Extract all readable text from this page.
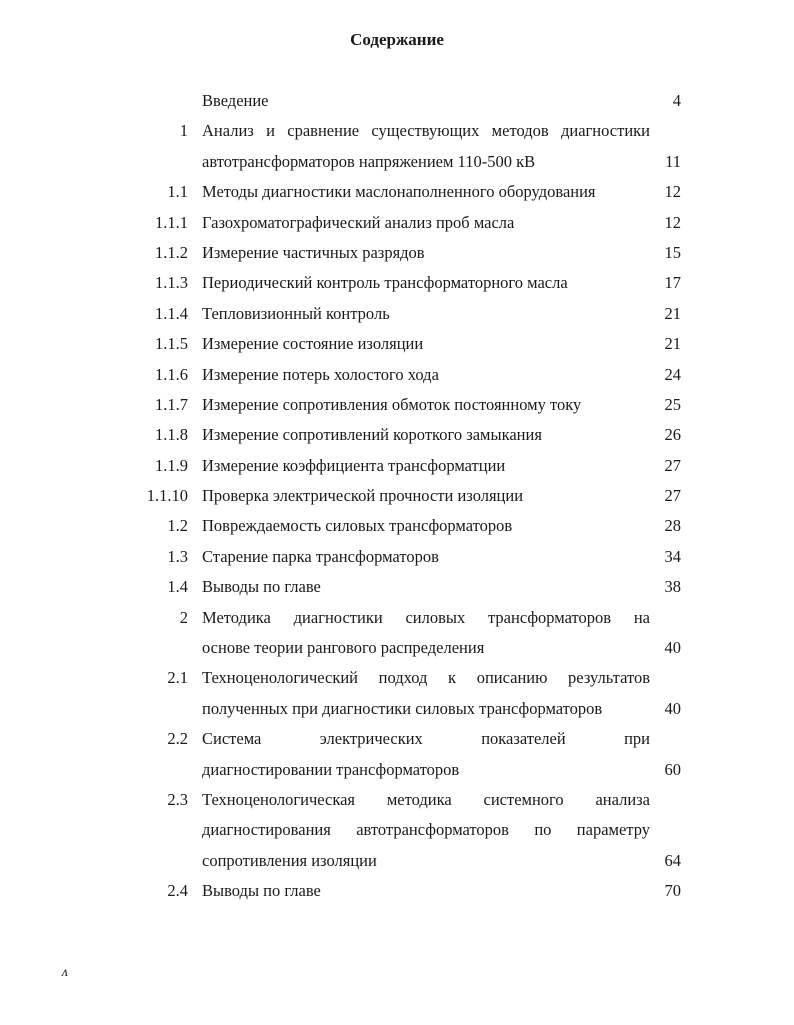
Содержание
Введение	4
1 Анализ и сравнение существующих методов диагностики
автотрансформаторов напряжением 110-500 кВ	11
1.1 Методы диагностики маслонаполненного оборудования	12
1.1.1 Газохроматографический анализ проб масла	12
1.1.2 Измерение частичных разрядов	15
1.1.3 Периодический контроль трансформаторного масла	17
1.1.4 Тепловизионный контроль	21
1.1.5 Измерение состояние изоляции	21
1.1.6 Измерение потерь холостого хода	24
1.1.7 Измерение сопротивления обмоток постоянному току	25
1.1.8 Измерение сопротивлений короткого замыкания	26
1.1.9 Измерение коэффициента трансформатции	27
1.1.10 Проверка электрической прочности изоляции	27
1.2 Повреждаемость силовых трансформаторов	28
1.3 Старение парка трансформаторов	34
1.4 Выводы по главе	38
2 Методика диагностики силовых трансформаторов на
основе теории рангового распределения	40
2.1 Техноценологический подход к описанию результатов
полученных при диагностики силовых трансформаторов	40
2.2 Система электрических показателей при
диагностировании трансформаторов	60
2.3 Техноценологическая методика системного анализа
диагностирования автотрансформаторов по параметру
сопротивления изоляции	64
2.4 Выводы по главе	70
ᴧ
